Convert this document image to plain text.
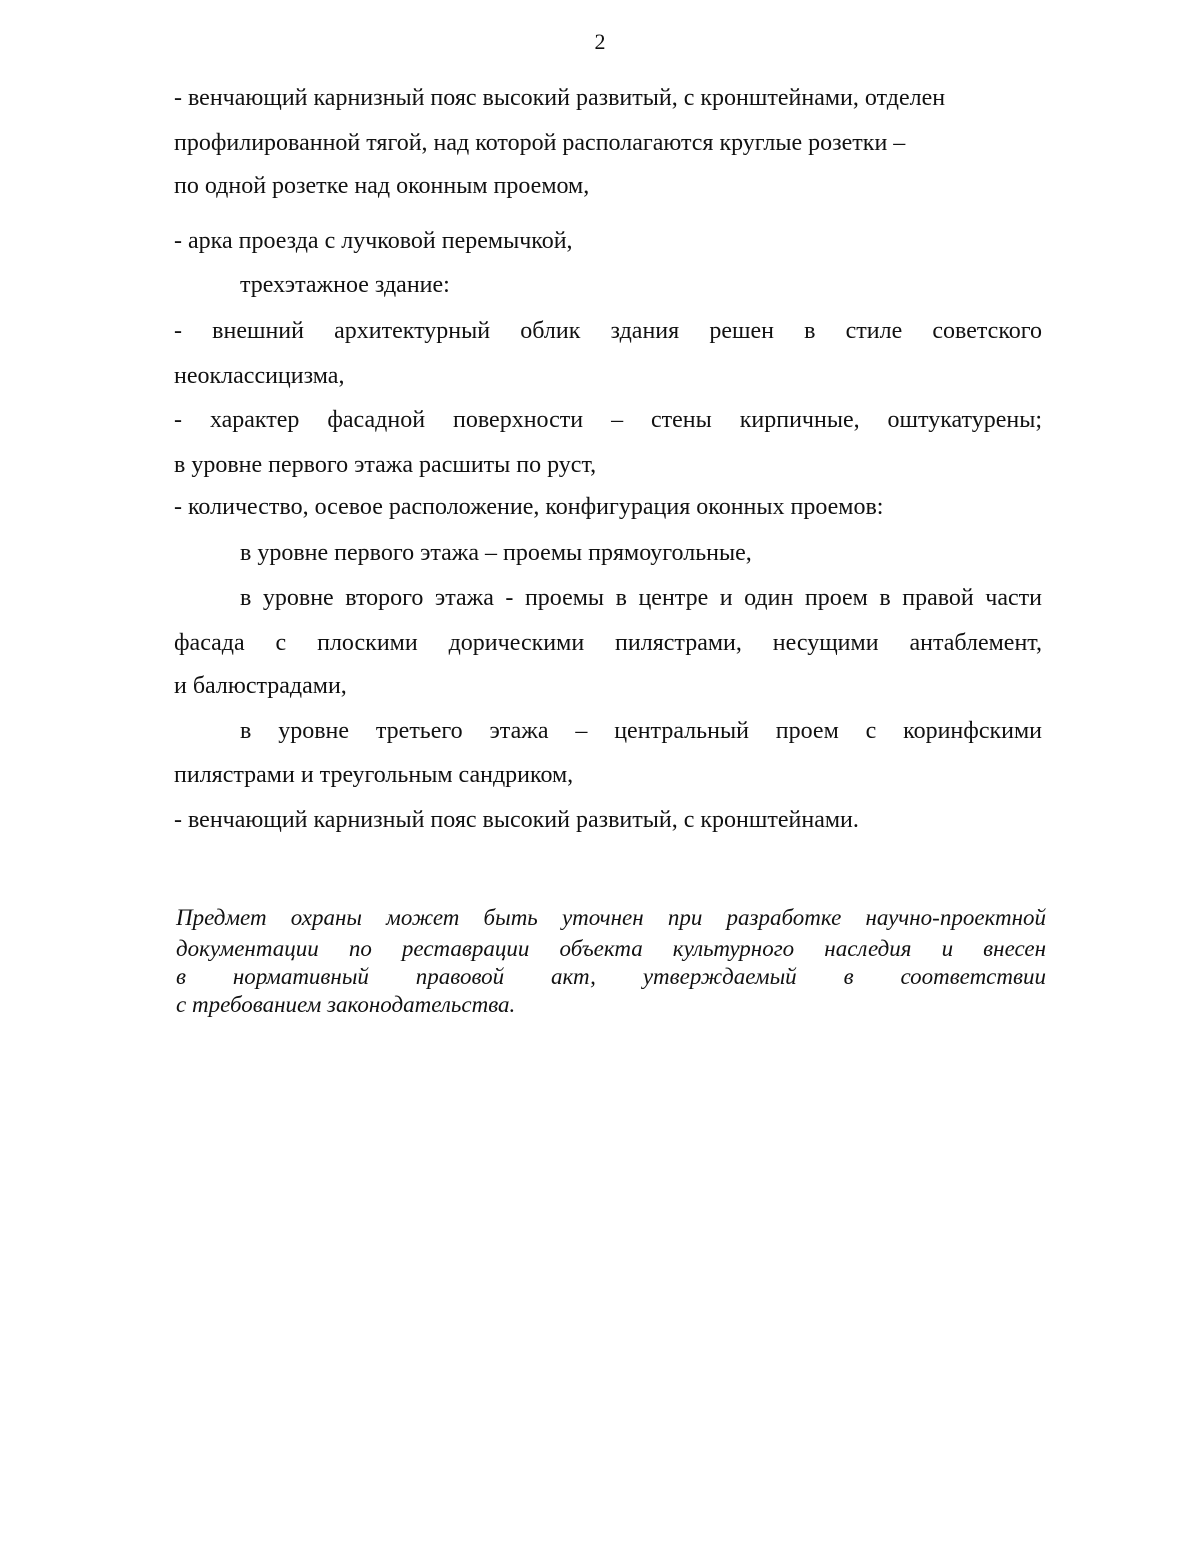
2
- венчающий карнизный пояс высокий развитый, с кронштейнами, отделен
профилированной тягой, над которой располагаются круглые розетки –
по одной розетке над оконным проемом,
- арка проезда с лучковой перемычкой,
трехэтажное здание:
- внешний архитектурный облик здания решен в стиле советского
неоклассицизма,
- характер фасадной поверхности – стены кирпичные, оштукатурены;
в уровне первого этажа расшиты по руст,
- количество, осевое расположение, конфигурация оконных проемов:
в уровне первого этажа – проемы прямоугольные,
в уровне второго этажа - проемы в центре и один проем в правой части
фасада с плоскими дорическими пилястрами, несущими антаблемент,
и балюстрадами,
в уровне третьего этажа – центральный проем с коринфскими
пилястрами и треугольным сандриком,
- венчающий карнизный пояс высокий развитый, с кронштейнами.
Предмет охраны может быть уточнен при разработке научно-проектной
документации по реставрации объекта культурного наследия и внесен
в нормативный правовой акт, утверждаемый в соответствии
с требованием законодательства.
